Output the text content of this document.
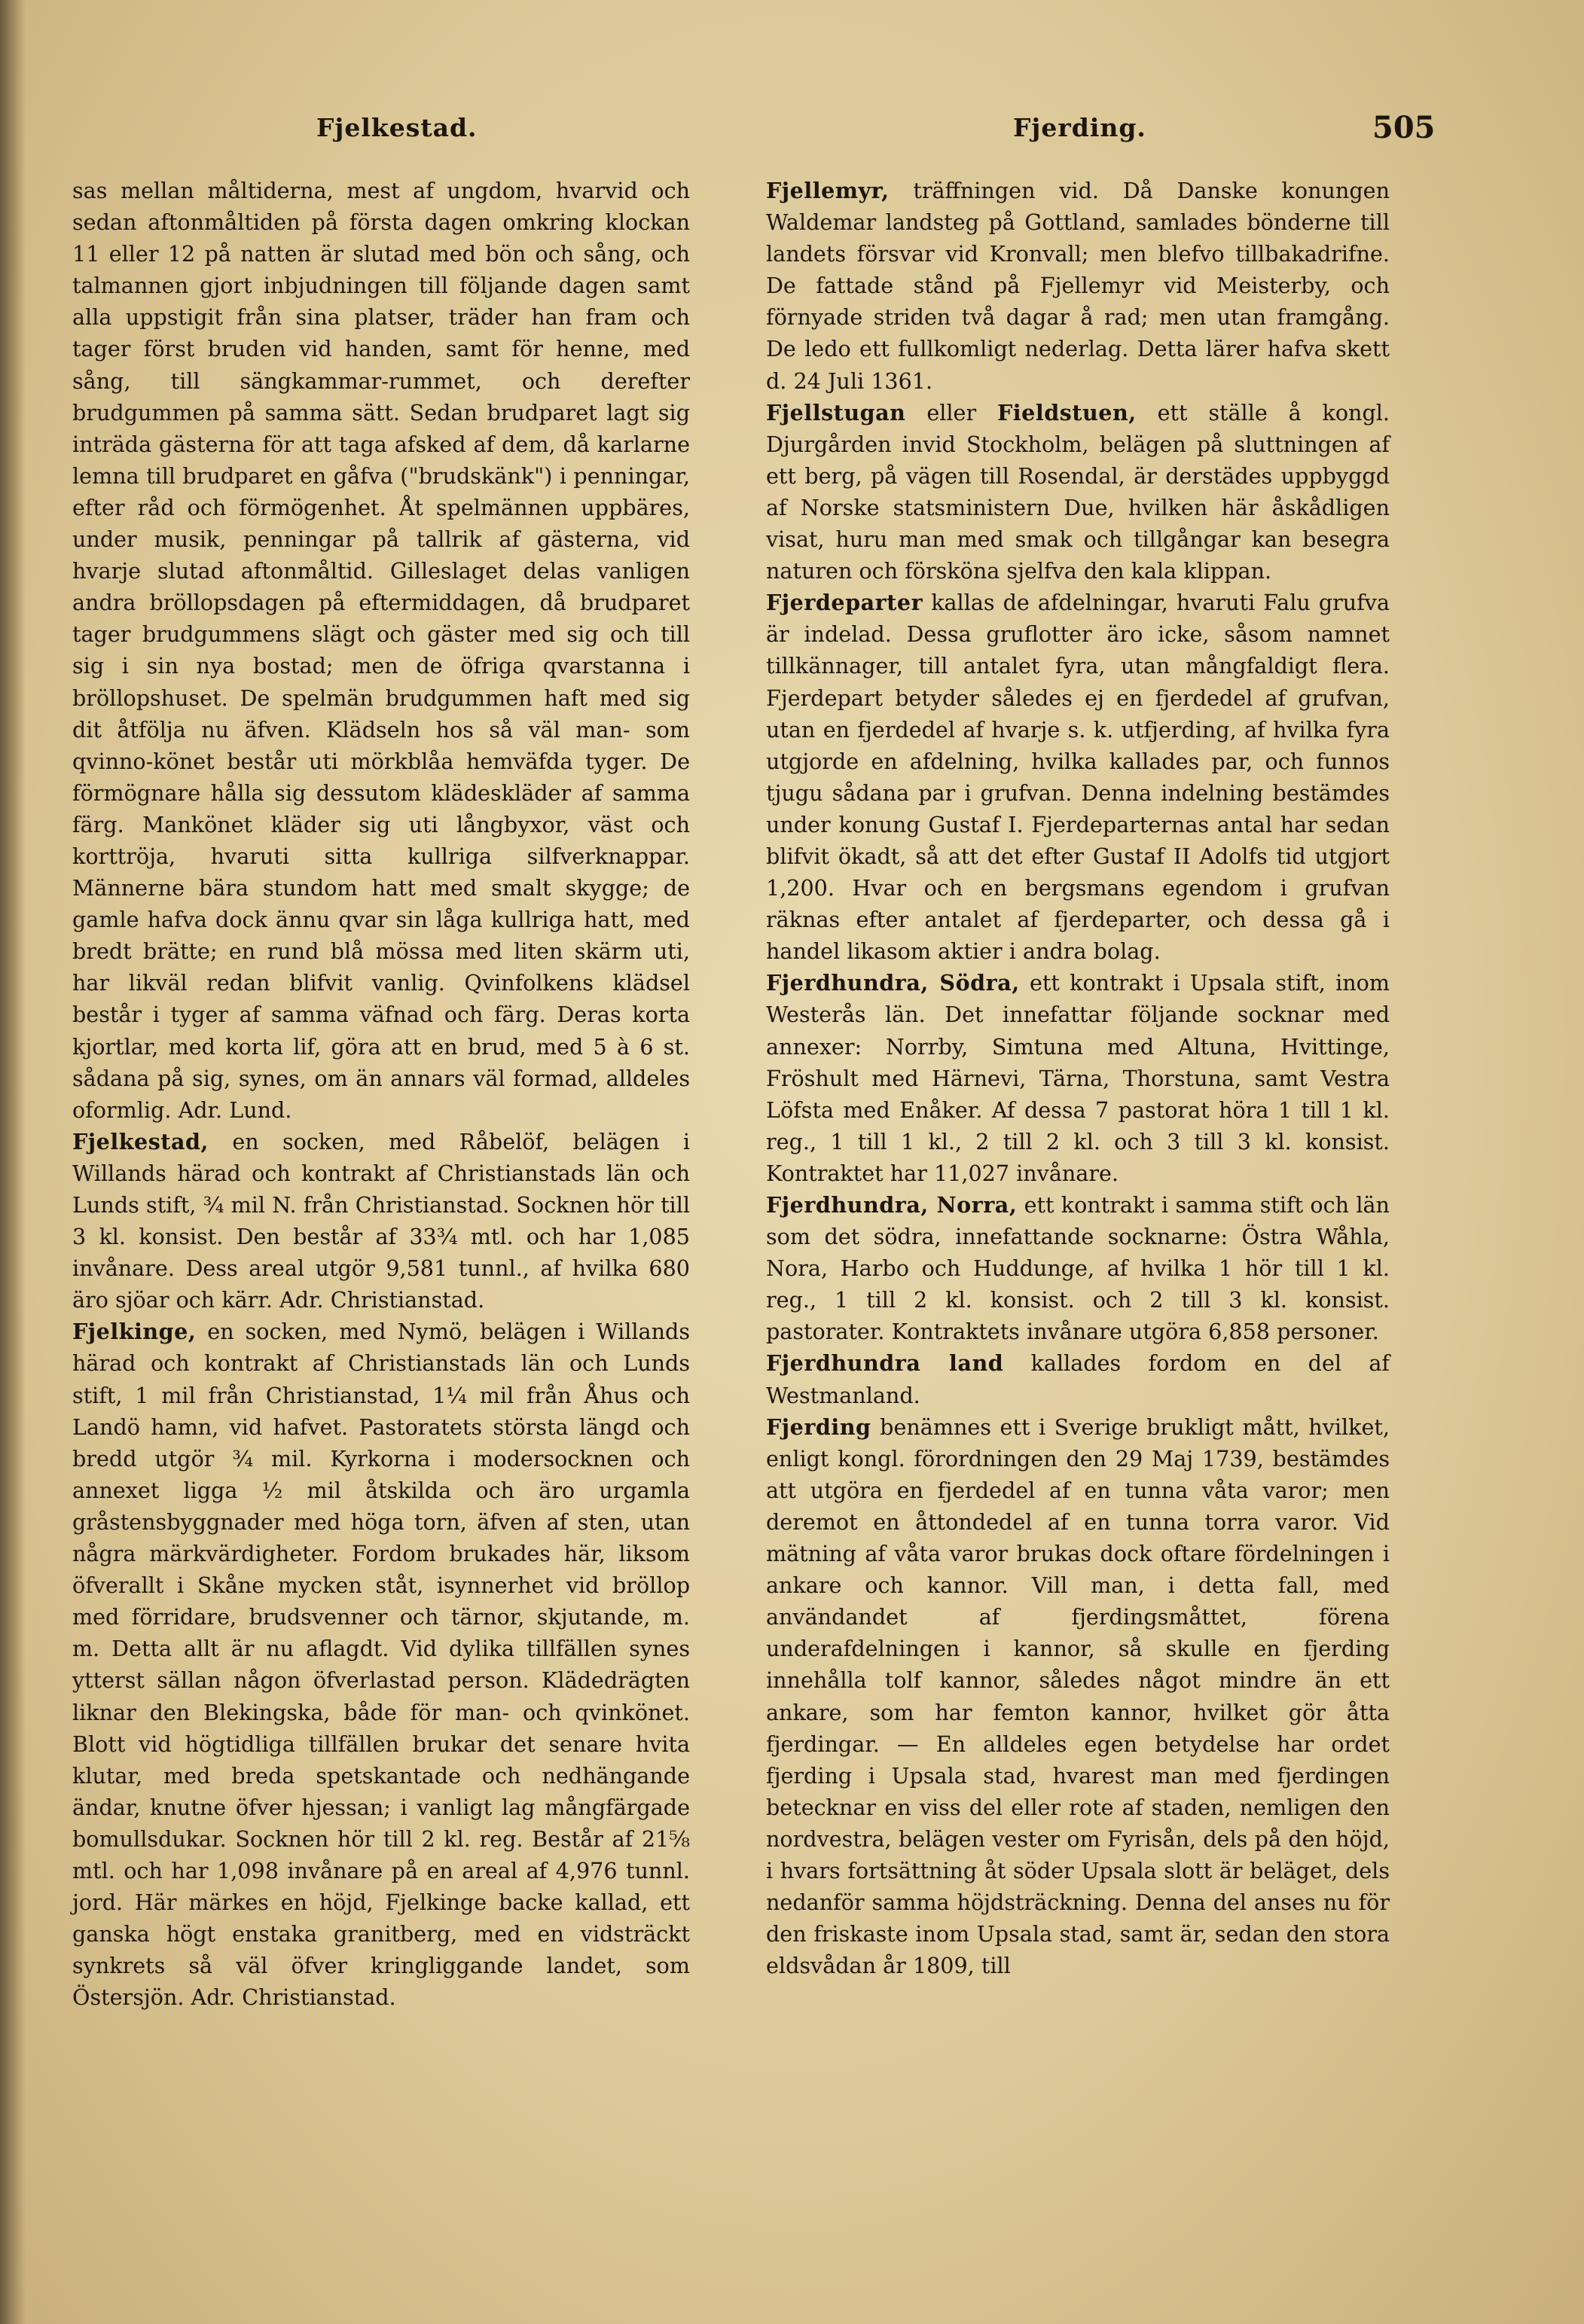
Fjelkestad.	Fjerding.	505

sas mellan måltiderna, mest af ungdom, hvarvid och sedan aftonmåltiden på första dagen omkring klockan 11 eller 12 på natten är slutad med bön och sång, och talmannen gjort inbjudningen till följande dagen samt alla uppstigit från sina platser, träder han fram och tager först bruden vid handen, samt för henne, med sång, till sängkammar-rummet, och derefter brudgummen på samma sätt. Sedan brudparet lagt sig inträda gästerna för att taga afsked af dem, då karlarne lemna till brudparet en gåfva ("brudskänk") i penningar, efter råd och förmögenhet. Åt spelmännen uppbäres, under musik, penningar på tallrik af gästerna, vid hvarje slutad aftonmåltid. Gilleslaget delas vanligen andra bröllopsdagen på eftermiddagen, då brudparet tager brudgummens slägt och gäster med sig och till sig i sin nya bostad; men de öfriga qvarstanna i bröllopshuset. De spelmän brudgummen haft med sig dit åtfölja nu äfven. Klädseln hos så väl man- som qvinno-könet består uti mörkblåa hemväfda tyger. De förmögnare hålla sig dessutom klädeskläder af samma färg. Mankönet kläder sig uti långbyxor, väst och korttröja, hvaruti sitta kullriga silfverknappar. Männerne bära stundom hatt med smalt skygge; de gamle hafva dock ännu qvar sin låga kullriga hatt, med bredt brätte; en rund blå mössa med liten skärm uti, har likväl redan blifvit vanlig. Qvinfolkens klädsel består i tyger af samma väfnad och färg. Deras korta kjortlar, med korta lif, göra att en brud, med 5 à 6 st. sådana på sig, synes, om än annars väl formad, alldeles oformlig. Adr. Lund.

Fjelkestad, en socken, med Råbelöf, belägen i Willands härad och kontrakt af Christianstads län och Lunds stift, ¾ mil N. från Christianstad. Socknen hör till 3 kl. konsist. Den består af 33¾ mtl. och har 1,085 invånare. Dess areal utgör 9,581 tunnl., af hvilka 680 äro sjöar och kärr. Adr. Christianstad.

Fjelkinge, en socken, med Nymö, belägen i Willands härad och kontrakt af Christianstads län och Lunds stift, 1 mil från Christianstad, 1¼ mil från Åhus och Landö hamn, vid hafvet. Pastoratets största längd och bredd utgör ¾ mil. Kyrkorna i modersocknen och annexet ligga ½ mil åtskilda och äro urgamla gråstensbyggnader med höga torn, äfven af sten, utan några märkvärdigheter. Fordom brukades här, liksom öfverallt i Skåne mycken ståt, isynnerhet vid bröllop med förridare, brudsvenner och tärnor, skjutande, m. m. Detta allt är nu aflagdt. Vid dylika tillfällen synes ytterst sällan någon öfverlastad person. Klädedrägten liknar den Blekingska, både för man- och qvinkönet. Blott vid högtidliga tillfällen brukar det senare hvita klutar, med breda spetskantade och nedhängande ändar, knutne öfver hjessan; i vanligt lag mångfärgade bomullsdukar. Socknen hör till 2 kl. reg. Består af 21⅝ mtl. och har 1,098 invånare på en areal af 4,976 tunnl. jord. Här märkes en höjd, Fjelkinge backe kallad, ett ganska högt enstaka granitberg, med en vidsträckt synkrets så väl öfver kringliggande landet, som Östersjön. Adr. Christianstad.

Fjellemyr, träffningen vid. Då Danske konungen Waldemar landsteg på Gottland, samlades bönderne till landets försvar vid Kronvall; men blefvo tillbakadrifne. De fattade stånd på Fjellemyr vid Meisterby, och förnyade striden två dagar å rad; men utan framgång. De ledo ett fullkomligt nederlag. Detta lärer hafva skett d. 24 Juli 1361.

Fjellstugan eller Fieldstuen, ett ställe å kongl. Djurgården invid Stockholm, belägen på sluttningen af ett berg, på vägen till Rosendal, är derstädes uppbyggd af Norske statsministern Due, hvilken här åskådligen visat, huru man med smak och tillgångar kan besegra naturen och försköna sjelfva den kala klippan.

Fjerdeparter kallas de afdelningar, hvaruti Falu grufva är indelad. Dessa gruflotter äro icke, såsom namnet tillkännager, till antalet fyra, utan mångfaldigt flera. Fjerdepart betyder således ej en fjerdedel af grufvan, utan en fjerdedel af hvarje s. k. utfjerding, af hvilka fyra utgjorde en afdelning, hvilka kallades par, och funnos tjugu sådana par i grufvan. Denna indelning bestämdes under konung Gustaf I. Fjerdeparternas antal har sedan blifvit ökadt, så att det efter Gustaf II Adolfs tid utgjort 1,200. Hvar och en bergsmans egendom i grufvan räknas efter antalet af fjerdeparter, och dessa gå i handel likasom aktier i andra bolag.

Fjerdhundra, Södra, ett kontrakt i Upsala stift, inom Westerås län. Det innefattar följande socknar med annexer: Norrby, Simtuna med Altuna, Hvittinge, Fröshult med Härnevi, Tärna, Thorstuna, samt Vestra Löfsta med Enåker. Af dessa 7 pastorat höra 1 till 1 kl. reg., 1 till 1 kl., 2 till 2 kl. och 3 till 3 kl. konsist. Kontraktet har 11,027 invånare.

Fjerdhundra, Norra, ett kontrakt i samma stift och län som det södra, innefattande socknarne: Östra Wåhla, Nora, Harbo och Huddunge, af hvilka 1 hör till 1 kl. reg., 1 till 2 kl. konsist. och 2 till 3 kl. konsist. pastorater. Kontraktets invånare utgöra 6,858 personer.

Fjerdhundra land kallades fordom en del af Westmanland.

Fjerding benämnes ett i Sverige brukligt mått, hvilket, enligt kongl. förordningen den 29 Maj 1739, bestämdes att utgöra en fjerdedel af en tunna våta varor; men deremot en åttondedel af en tunna torra varor. Vid mätning af våta varor brukas dock oftare fördelningen i ankare och kannor. Vill man, i detta fall, med användandet af fjerdingsmåttet, förena underafdelningen i kannor, så skulle en fjerding innehålla tolf kannor, således något mindre än ett ankare, som har femton kannor, hvilket gör åtta fjerdingar. — En alldeles egen betydelse har ordet fjerding i Upsala stad, hvarest man med fjerdingen betecknar en viss del eller rote af staden, nemligen den nordvestra, belägen vester om Fyrisån, dels på den höjd, i hvars fortsättning åt söder Upsala slott är beläget, dels nedanför samma höjdsträckning. Denna del anses nu för den friskaste inom Upsala stad, samt är, sedan den stora eldsvådan år 1809, till
